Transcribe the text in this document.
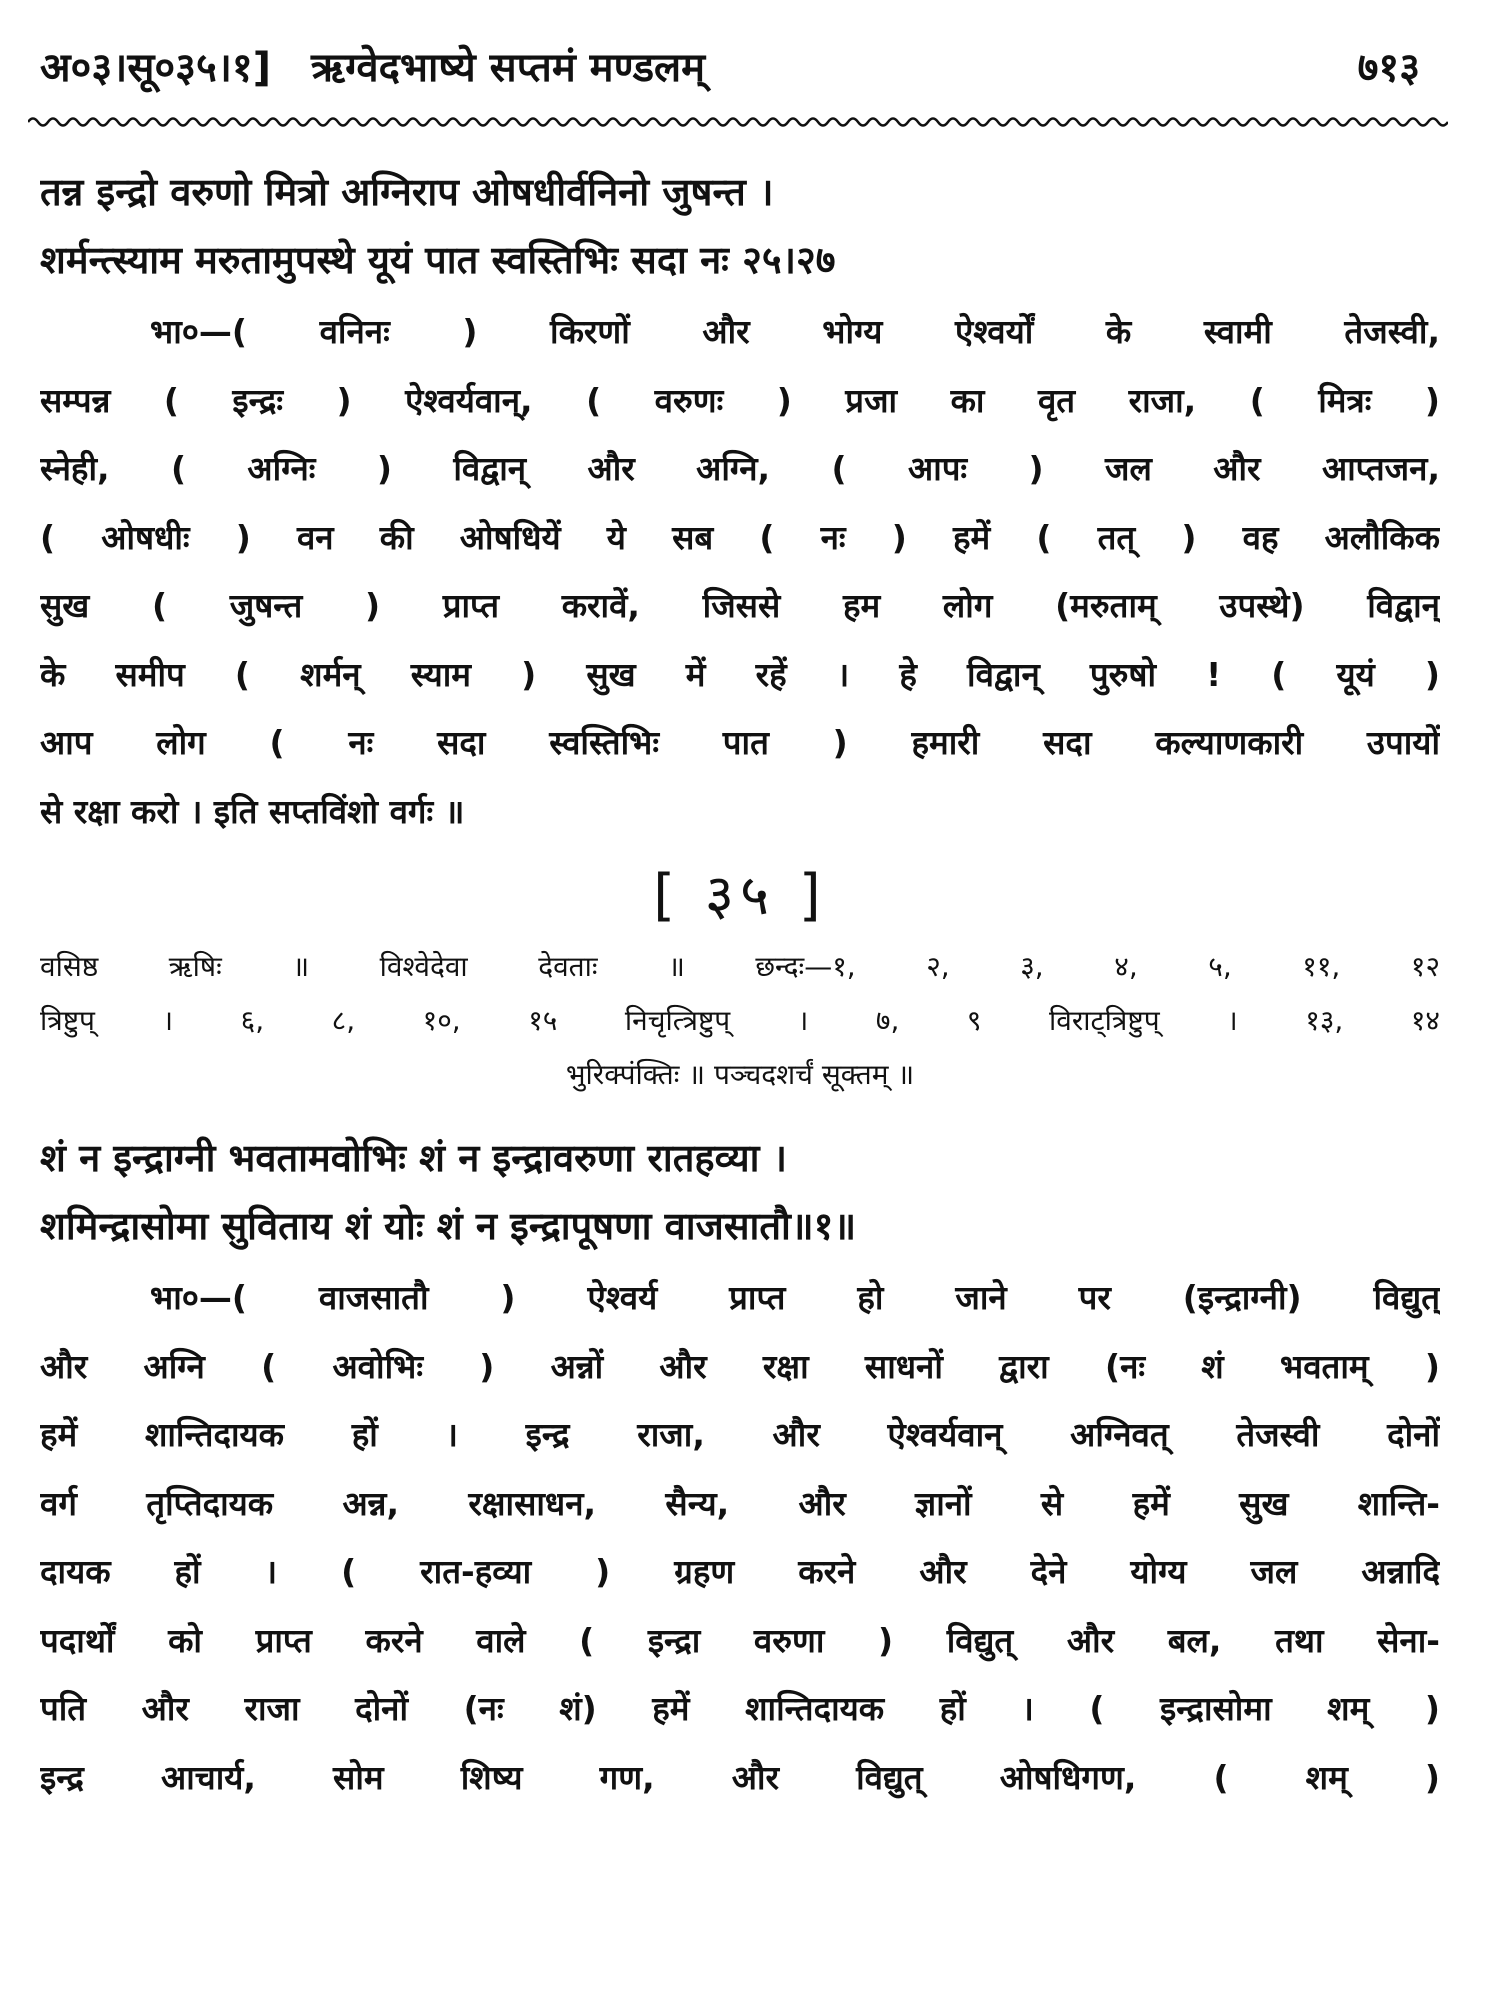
अ०३।सू०३५।१] ऋग्वेदभाष्ये सप्तमं मण्डलम्	७१३
तन्न इन्द्रो वरुणो मित्रो अग्निराप ओषधीर्वनिनो जुषन्त ।
शर्मन्त्स्याम मरुतामुपस्थे यूयं पात स्वस्तिभिः सदा नः २५।२७
भा०—( वनिनः ) किरणों और भोग्य ऐश्वर्यों के स्वामी तेजस्वी,
सम्पन्न ( इन्द्रः ) ऐश्वर्यवान्, ( वरुणः ) प्रजा का वृत राजा, ( मित्रः )
स्नेही, ( अग्निः ) विद्वान् और अग्नि, ( आपः ) जल और आप्तजन,
( ओषधीः ) वन की ओषधियें ये सब ( नः ) हमें ( तत् ) वह अलौकिक
सुख ( जुषन्त ) प्राप्त करावें, जिससे हम लोग (मरुताम् उपस्थे) विद्वान्
के समीप ( शर्मन् स्याम ) सुख में रहें । हे विद्वान् पुरुषो ! ( यूयं )
आप लोग ( नः सदा स्वस्तिभिः पात ) हमारी सदा कल्याणकारी उपायों
से रक्षा करो । इति सप्तविंशो वर्गः ॥
[ ३५ ]
वसिष्ठ ऋषिः ॥ विश्वेदेवा देवताः ॥ छन्दः—१, २, ३, ४, ५, ११, १२
त्रिष्टुप् । ६, ८, १०, १५ निचृत्त्रिष्टुप् । ७, ९ विराट्त्रिष्टुप् । १३, १४
भुरिक्पंक्तिः ॥ पञ्चदशर्चं सूक्तम् ॥
शं न इन्द्राग्नी भवतामवोभिः शं न इन्द्रावरुणा रातहव्या ।
शमिन्द्रासोमा सुविताय शं योः शं न इन्द्रापूषणा वाजसातौ॥१॥
भा०—( वाजसातौ ) ऐश्वर्य प्राप्त हो जाने पर (इन्द्राग्नी) विद्युत्
और अग्नि ( अवोभिः ) अन्नों और रक्षा साधनों द्वारा (नः शं भवताम् )
हमें शान्तिदायक हों । इन्द्र राजा, और ऐश्वर्यवान् अग्निवत् तेजस्वी दोनों
वर्ग तृप्तिदायक अन्न, रक्षासाधन, सैन्य, और ज्ञानों से हमें सुख शान्ति-
दायक हों । ( रात-हव्या ) ग्रहण करने और देने योग्य जल अन्नादि
पदार्थों को प्राप्त करने वाले ( इन्द्रा वरुणा ) विद्युत् और बल, तथा सेना-
पति और राजा दोनों (नः शं) हमें शान्तिदायक हों । ( इन्द्रासोमा शम् )
इन्द्र आचार्य, सोम शिष्य गण, और विद्युत् ओषधिगण, ( शम् )
